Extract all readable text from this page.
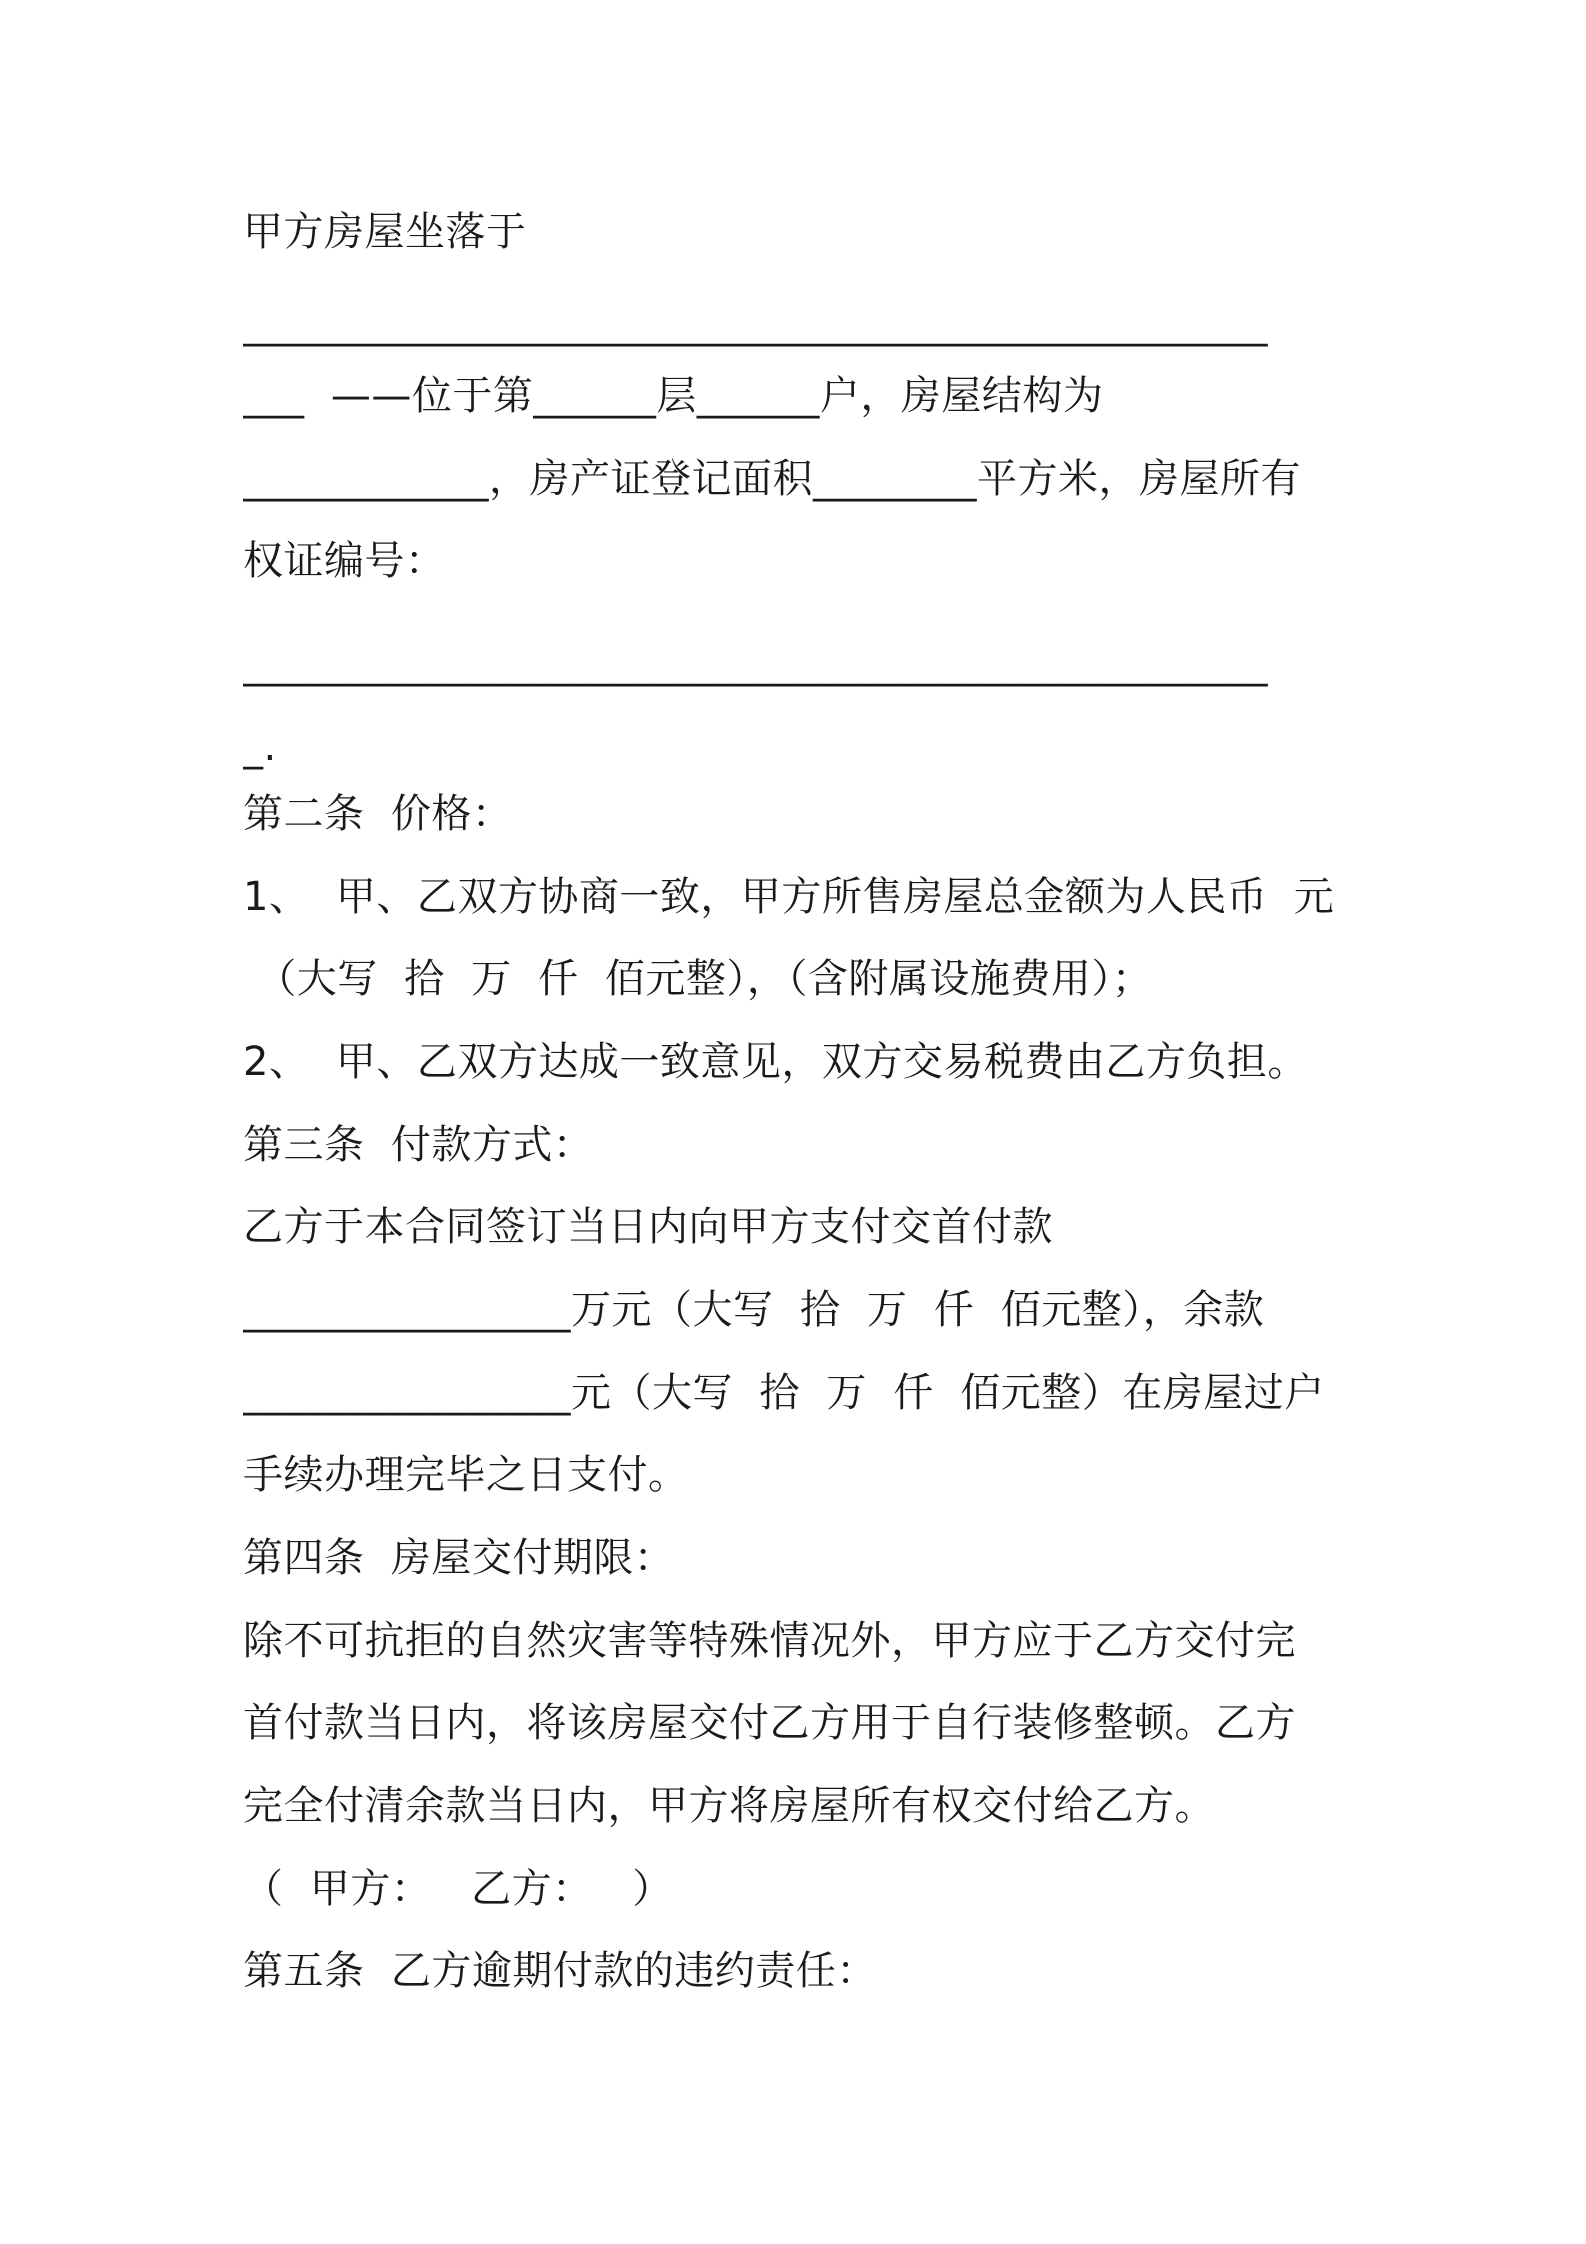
甲方房屋坐落于
__________________________________________________
___  ——位于第______层______户，房屋结构为
____________，房产证登记面积________平方米，房屋所有
权证编号：
__________________________________________________
_.
第二条  价格：
1、  甲、乙双方协商一致，甲方所售房屋总金额为人民币  元
（大写  拾  万  仟  佰元整），（含附属设施费用）；
2、  甲、乙双方达成一致意见，双方交易税费由乙方负担。
第三条  付款方式：
乙方于本合同签订当日内向甲方支付交首付款
________________万元（大写  拾  万  仟  佰元整），余款
________________元（大写  拾  万  仟  佰元整）在房屋过户
手续办理完毕之日支付。
第四条  房屋交付期限：
除不可抗拒的自然灾害等特殊情况外，甲方应于乙方交付完
首付款当日内，将该房屋交付乙方用于自行装修整顿。乙方
完全付清余款当日内，甲方将房屋所有权交付给乙方。
（  甲方：   乙方：   ）
第五条  乙方逾期付款的违约责任：
